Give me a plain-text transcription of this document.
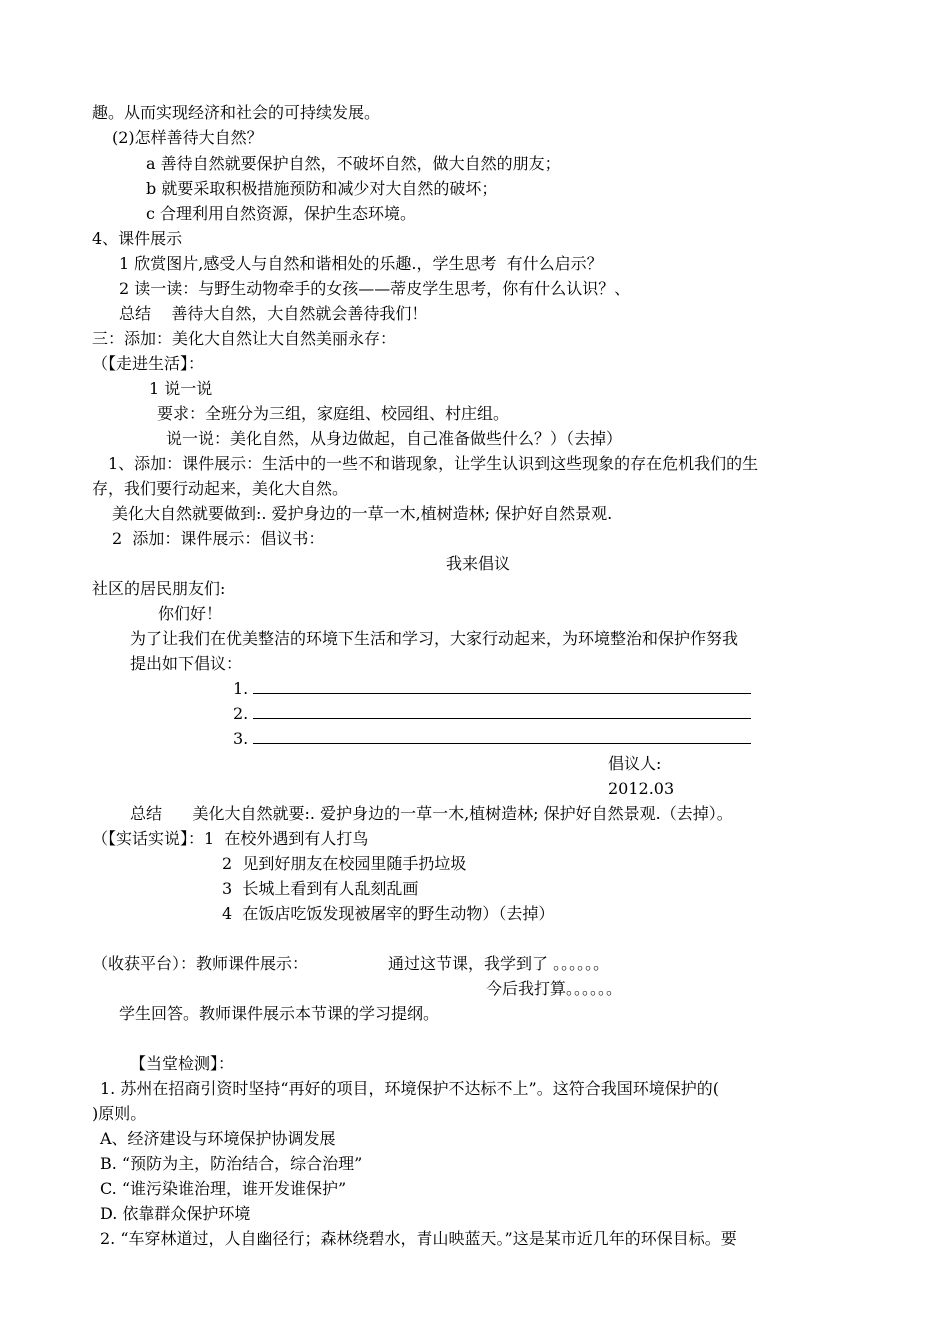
趣。从而实现经济和社会的可持续发展。
(2)怎样善待大自然？
a 善待自然就要保护自然，不破坏自然，做大自然的朋友；
b 就要采取积极措施预防和减少对大自然的破坏；
c 合理利用自然资源，保护生态环境。
4、课件展示
1 欣赏图片,感受人与自然和谐相处的乐趣.，学生思考  有什么启示？
2 读一读：与野生动物牵手的女孩——蒂皮学生思考，你有什么认识？、
总结    善待大自然，大自然就会善待我们！
三：添加：美化大自然让大自然美丽永存：
（【走进生活】：
1 说一说
要求：全班分为三组，家庭组、校园组、村庄组。
说一说：美化自然，从身边做起，自己准备做些什么？）（去掉）
1、添加：课件展示：生活中的一些不和谐现象，让学生认识到这些现象的存在危机我们的生
存，我们要行动起来，美化大自然。
美化大自然就要做到:. 爱护身边的一草一木,植树造林; 保护好自然景观.
2  添加：课件展示：倡议书：
我来倡议
社区的居民朋友们:
你们好！
为了让我们在优美整洁的环境下生活和学习，大家行动起来，为环境整治和保护作努我
提出如下倡议：
1.
2.
3.
倡议人:
2012.03
总结      美化大自然就要:. 爱护身边的一草一木,植树造林; 保护好自然景观.（去掉）。
（【实话实说】：1  在校外遇到有人打鸟
2  见到好朋友在校园里随手扔垃圾
3  长城上看到有人乱刻乱画
4  在饭店吃饭发现被屠宰的野生动物）（去掉）
（收获平台）：教师课件展示：	通过这节课，我学到了 。。。。。。
今后我打算。。。。。。
学生回答。教师课件展示本节课的学习提纲。
【当堂检测】：
1. 苏州在招商引资时坚持“再好的项目，环境保护不达标不上”。这符合我国环境保护的(
)原则。
A、经济建设与环境保护协调发展
B. “预防为主，防治结合，综合治理”
C. “谁污染谁治理，谁开发谁保护”
D. 依靠群众保护环境
2. “车穿林道过，人自幽径行；森林绕碧水，青山映蓝天。”这是某市近几年的环保目标。要
